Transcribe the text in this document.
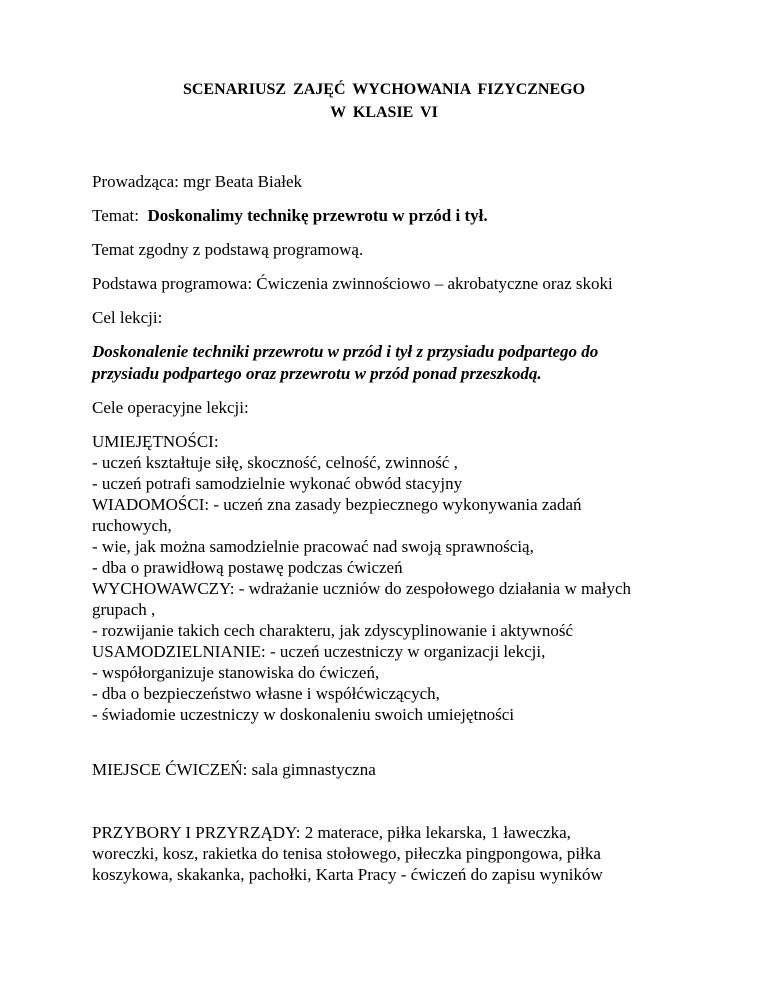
SCENARIUSZ ZAJĘĆ WYCHOWANIA FIZYCZNEGO
W KLASIE VI
Prowadząca: mgr Beata Białek
Temat:  Doskonalimy technikę przewrotu w przód i tył.
Temat zgodny z podstawą programową.
Podstawa programowa: Ćwiczenia zwinnościowo – akrobatyczne oraz skoki
Cel lekcji:
Doskonalenie techniki przewrotu w przód i tył z przysiadu podpartego do
przysiadu podpartego oraz przewrotu w przód ponad przeszkodą.
Cele operacyjne lekcji:
UMIEJĘTNOŚCI:
- uczeń kształtuje siłę, skoczność, celność, zwinność ,
- uczeń potrafi samodzielnie wykonać obwód stacyjny
WIADOMOŚCI: - uczeń zna zasady bezpiecznego wykonywania zadań
ruchowych,
- wie, jak można samodzielnie pracować nad swoją sprawnością,
- dba o prawidłową postawę podczas ćwiczeń
WYCHOWAWCZY: - wdrażanie uczniów do zespołowego działania w małych
grupach ,
- rozwijanie takich cech charakteru, jak zdyscyplinowanie i aktywność
USAMODZIELNIANIE: - uczeń uczestniczy w organizacji lekcji,
- współorganizuje stanowiska do ćwiczeń,
- dba o bezpieczeństwo własne i współćwiczących,
- świadomie uczestniczy w doskonaleniu swoich umiejętności
MIEJSCE ĆWICZEŃ: sala gimnastyczna
PRZYBORY I PRZYRZĄDY: 2 materace, piłka lekarska, 1 ławeczka,
woreczki, kosz, rakietka do tenisa stołowego, piłeczka pingpongowa, piłka
koszykowa, skakanka, pachołki, Karta Pracy - ćwiczeń do zapisu wyników
